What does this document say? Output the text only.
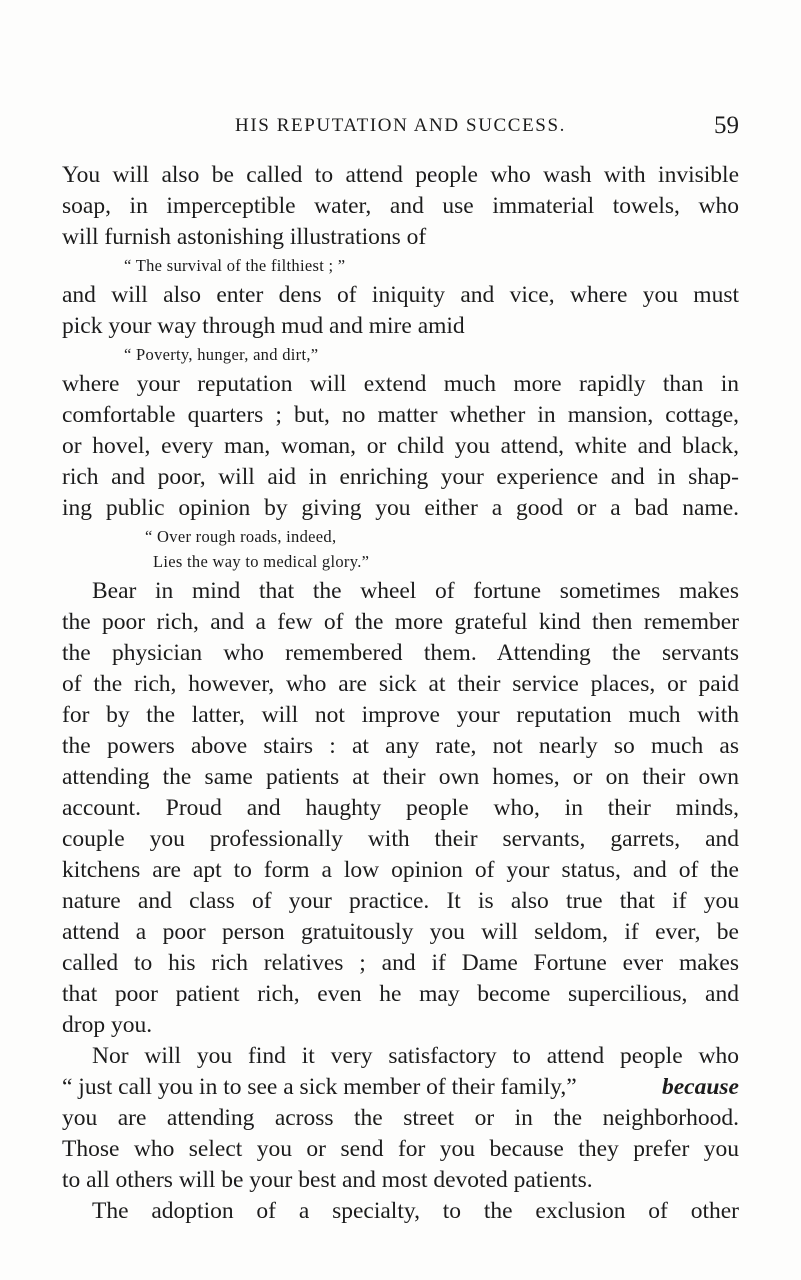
HIS REPUTATION AND SUCCESS.	59
You will also be called to attend people who wash with invisible
soap, in imperceptible water, and use immaterial towels, who
will furnish astonishing illustrations of
“ The survival of the filthiest ; ”
and will also enter dens of iniquity and vice, where you must
pick your way through mud and mire amid
“ Poverty, hunger, and dirt,”
where your reputation will extend much more rapidly than in
comfortable quarters ; but, no matter whether in mansion, cottage,
or hovel, every man, woman, or child you attend, white and black,
rich and poor, will aid in enriching your experience and in shap-
ing public opinion by giving you either a good or a bad name.
“ Over rough roads, indeed,
Lies the way to medical glory.”
Bear in mind that the wheel of fortune sometimes makes
the poor rich, and a few of the more grateful kind then remember
the physician who remembered them. Attending the servants
of the rich, however, who are sick at their service places, or paid
for by the latter, will not improve your reputation much with
the powers above stairs : at any rate, not nearly so much as
attending the same patients at their own homes, or on their own
account. Proud and haughty people who, in their minds,
couple you professionally with their servants, garrets, and
kitchens are apt to form a low opinion of your status, and of the
nature and class of your practice. It is also true that if you
attend a poor person gratuitously you will seldom, if ever, be
called to his rich relatives ; and if Dame Fortune ever makes
that poor patient rich, even he may become supercilious, and
drop you.
Nor will you find it very satisfactory to attend people who
“ just call you in to see a sick member of their family,”	because
you are attending across the street or in the neighborhood.
Those who select you or send for you because they prefer you
to all others will be your best and most devoted patients.
The adoption of a specialty, to the exclusion of other
